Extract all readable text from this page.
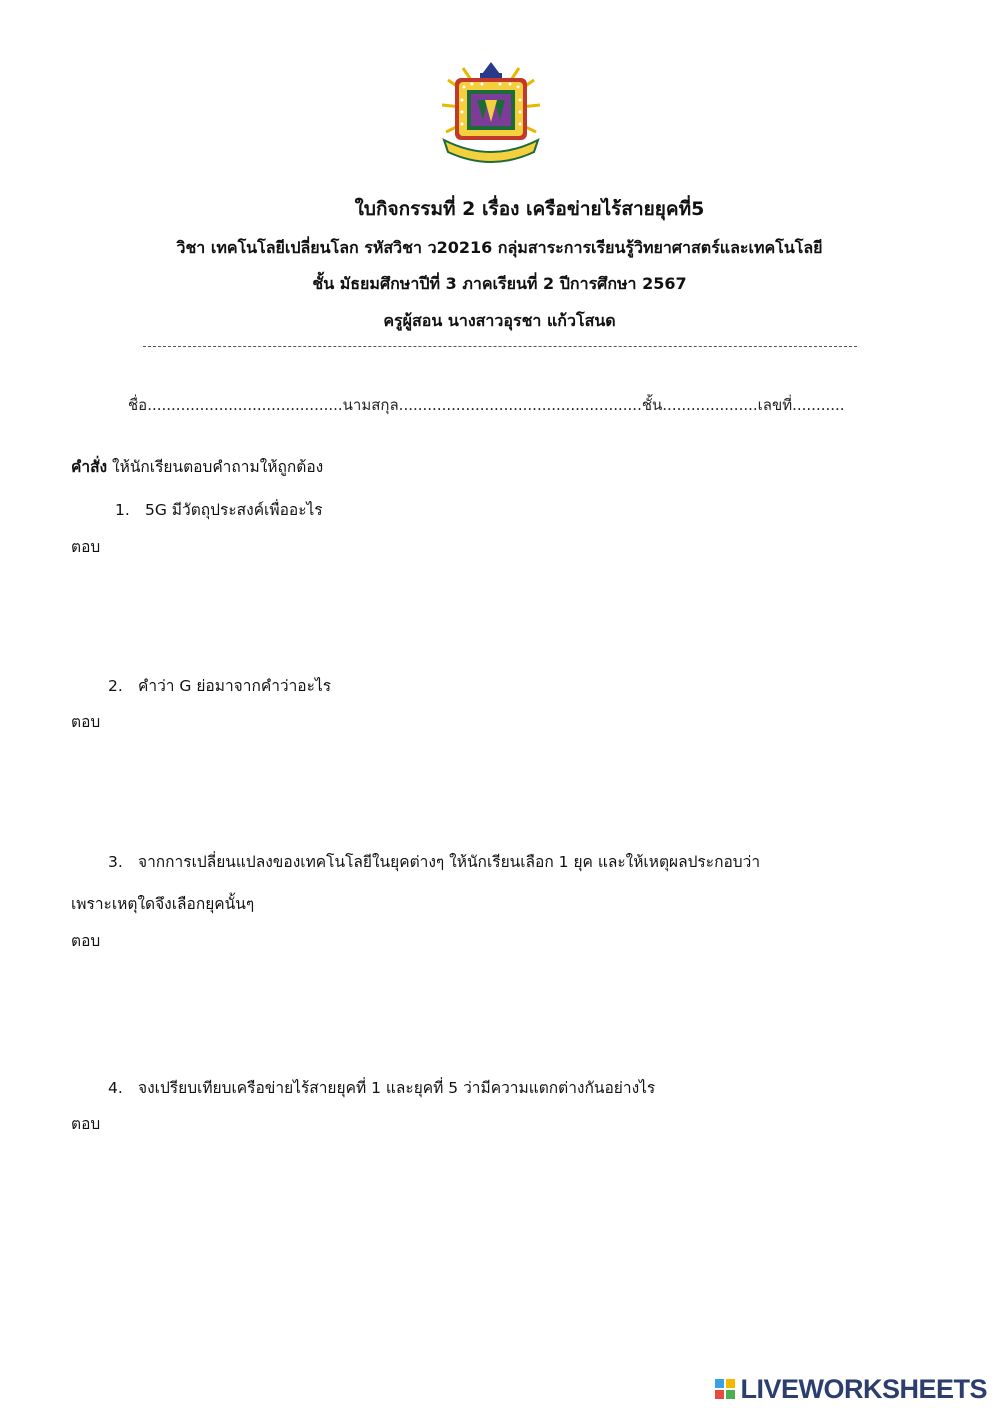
ใบกิจกรรมที่ 2 เรื่อง เครือข่ายไร้สายยุคที่5
วิชา เทคโนโลยีเปลี่ยนโลก รหัสวิชา ว20216 กลุ่มสาระการเรียนรู้วิทยาศาสตร์และเทคโนโลยี
ชั้น มัธยมศึกษาปีที่ 3 ภาคเรียนที่ 2 ปีการศึกษา 2567
ครูผู้สอน นางสาวอุรชา แก้วโสนด
ชื่อ.........................................นามสกุล...................................................ชั้น....................เลขที่...........
คำสั่ง ให้นักเรียนตอบคำถามให้ถูกต้อง
1. 5G มีวัตถุประสงค์เพื่ออะไร
ตอบ
2. คำว่า G ย่อมาจากคำว่าอะไร
ตอบ
3. จากการเปลี่ยนแปลงของเทคโนโลยีในยุคต่างๆ ให้นักเรียนเลือก 1 ยุค และให้เหตุผลประกอบว่า
เพราะเหตุใดจึงเลือกยุคนั้นๆ
ตอบ
4. จงเปรียบเทียบเครือข่ายไร้สายยุคที่ 1 และยุคที่ 5 ว่ามีความแตกต่างกันอย่างไร
ตอบ
LIVEWORKSHEETS
